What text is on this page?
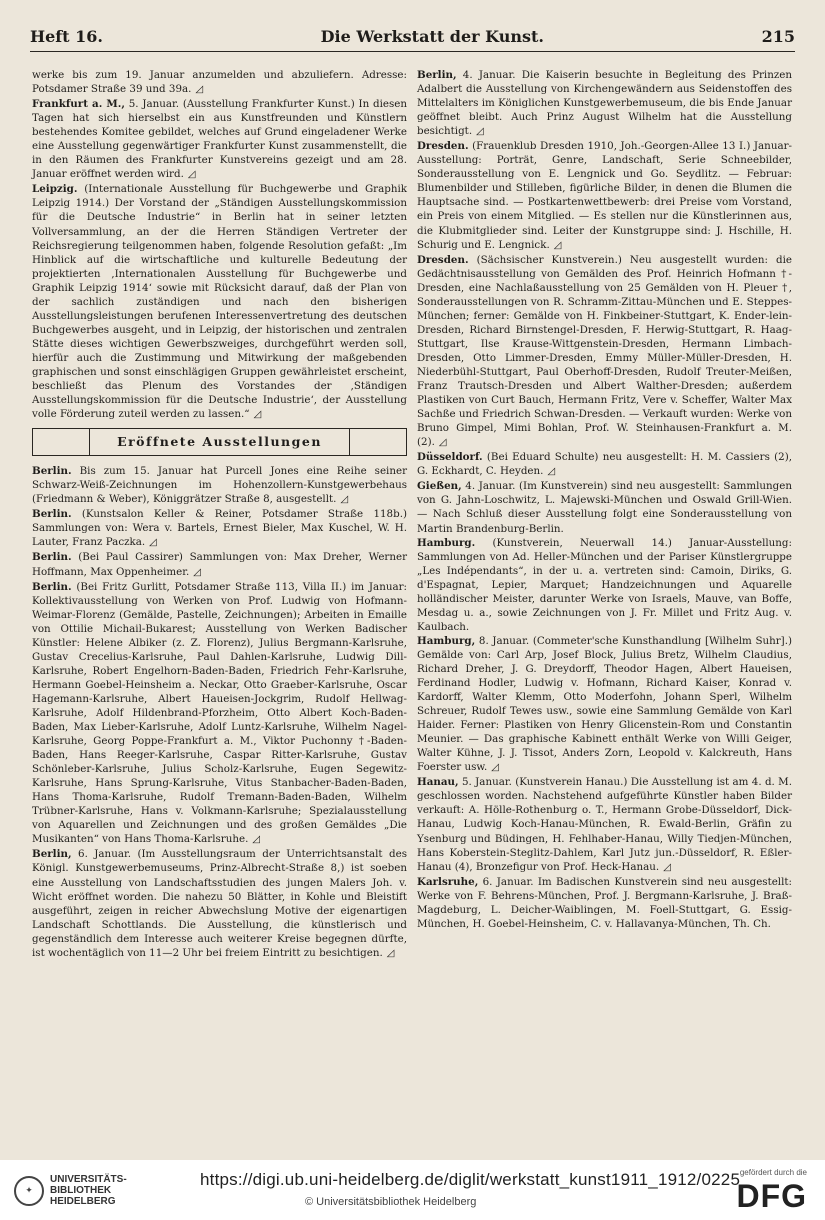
Heft 16.	Die Werkstatt der Kunst.	215

werke bis zum 19. Januar anzumelden und abzuliefern. Adresse: Potsdamer Straße 39 und 39a. ◿

Frankfurt a. M., 5. Januar. (Ausstellung Frankfurter Kunst.) In diesen Tagen hat sich hierselbst ein aus Kunstfreunden und Künstlern bestehendes Komitee gebildet, welches auf Grund eingeladener Werke eine Ausstellung gegenwärtiger Frankfurter Kunst zusammenstellt, die in den Räumen des Frankfurter Kunstvereins gezeigt und am 28. Januar eröffnet werden wird. ◿

Leipzig. (Internationale Ausstellung für Buchgewerbe und Graphik Leipzig 1914.) Der Vorstand der „Ständigen Ausstellungskommission für die Deutsche Industrie“ in Berlin hat in seiner letzten Vollversammlung, an der die Herren Ständigen Vertreter der Reichsregierung teilgenommen haben, folgende Resolution gefaßt: „Im Hinblick auf die wirtschaftliche und kulturelle Bedeutung der projektierten ‚Internationalen Ausstellung für Buchgewerbe und Graphik Leipzig 1914‘ sowie mit Rücksicht darauf, daß der Plan von der sachlich zuständigen und nach den bisherigen Ausstellungsleistungen berufenen Interessenvertretung des deutschen Buchgewerbes ausgeht, und in Leipzig, der historischen und zentralen Stätte dieses wichtigen Gewerbszweiges, durchgeführt werden soll, hierfür auch die Zustimmung und Mitwirkung der maßgebenden graphischen und sonst einschlägigen Gruppen gewährleistet erscheint, beschließt das Plenum des Vorstandes der ‚Ständigen Ausstellungskommission für die Deutsche Industrie‘, der Ausstellung volle Förderung zuteil werden zu lassen.“ ◿

Eröffnete Ausstellungen

Berlin. Bis zum 15. Januar hat Purcell Jones eine Reihe seiner Schwarz-Weiß-Zeichnungen im Hohenzollern-Kunstgewerbehaus (Friedmann & Weber), Königgrätzer Straße 8, ausgestellt. ◿

Berlin. (Kunstsalon Keller & Reiner, Potsdamer Straße 118b.) Sammlungen von: Wera v. Bartels, Ernest Bieler, Max Kuschel, W. H. Lauter, Franz Paczka. ◿

Berlin. (Bei Paul Cassirer) Sammlungen von: Max Dreher, Werner Hoffmann, Max Oppenheimer. ◿

Berlin. (Bei Fritz Gurlitt, Potsdamer Straße 113, Villa II.) im Januar: Kollektivausstellung von Werken von Prof. Ludwig von Hofmann-Weimar-Florenz (Gemälde, Pastelle, Zeichnungen); Arbeiten in Emaille von Ottilie Michail-Bukarest; Ausstellung von Werken Badischer Künstler: Helene Albiker (z. Z. Florenz), Julius Bergmann-Karlsruhe, Gustav Crecelius-Karlsruhe, Paul Dahlen-Karlsruhe, Ludwig Dill-Karlsruhe, Robert Engelhorn-Baden-Baden, Friedrich Fehr-Karlsruhe, Hermann Goebel-Heinsheim a. Neckar, Otto Graeber-Karlsruhe, Oscar Hagemann-Karlsruhe, Albert Haueisen-Jockgrim, Rudolf Hellwag-Karlsruhe, Adolf Hildenbrand-Pforzheim, Otto Albert Koch-Baden-Baden, Max Lieber-Karlsruhe, Adolf Luntz-Karlsruhe, Wilhelm Nagel-Karlsruhe, Georg Poppe-Frankfurt a. M., Viktor Puchonny †-Baden-Baden, Hans Reeger-Karlsruhe, Caspar Ritter-Karlsruhe, Gustav Schönleber-Karlsruhe, Julius Scholz-Karlsruhe, Eugen Segewitz-Karlsruhe, Hans Sprung-Karlsruhe, Vitus Stanbacher-Baden-Baden, Hans Thoma-Karlsruhe, Rudolf Tremann-Baden-Baden, Wilhelm Trübner-Karlsruhe, Hans v. Volkmann-Karlsruhe; Spezialausstellung von Aquarellen und Zeichnungen und des großen Gemäldes „Die Musikanten“ von Hans Thoma-Karlsruhe. ◿

Berlin, 6. Januar. (Im Ausstellungsraum der Unterrichtsanstalt des Königl. Kunstgewerbemuseums, Prinz-Albrecht-Straße 8,) ist soeben eine Ausstellung von Landschaftsstudien des jungen Malers Joh. v. Wicht eröffnet worden. Die nahezu 50 Blätter, in Kohle und Bleistift ausgeführt, zeigen in reicher Abwechslung Motive der eigenartigen Landschaft Schottlands. Die Ausstellung, die künstlerisch und gegenständlich dem Interesse auch weiterer Kreise begegnen dürfte, ist wochentäglich von 11—2 Uhr bei freiem Eintritt zu besichtigen. ◿

Berlin, 4. Januar. Die Kaiserin besuchte in Begleitung des Prinzen Adalbert die Ausstellung von Kirchengewändern aus Seidenstoffen des Mittelalters im Königlichen Kunstgewerbemuseum, die bis Ende Januar geöffnet bleibt. Auch Prinz August Wilhelm hat die Ausstellung besichtigt. ◿

Dresden. (Frauenklub Dresden 1910, Joh.-Georgen-Allee 13 I.) Januar-Ausstellung: Porträt, Genre, Landschaft, Serie Schneebilder, Sonderausstellung von E. Lengnick und Go. Seydlitz. — Februar: Blumenbilder und Stilleben, figürliche Bilder, in denen die Blumen die Hauptsache sind. — Postkartenwettbewerb: drei Preise vom Vorstand, ein Preis von einem Mitglied. — Es stellen nur die Künstlerinnen aus, die Klubmitglieder sind. Leiter der Kunstgruppe sind: J. Hschille, H. Schurig und E. Lengnick. ◿

Dresden. (Sächsischer Kunstverein.) Neu ausgestellt wurden: die Gedächtnisausstellung von Gemälden des Prof. Heinrich Hofmann †-Dresden, eine Nachlaßausstellung von 25 Gemälden von H. Pleuer †, Sonderausstellungen von R. Schramm-Zittau-München und E. Steppes-München; ferner: Gemälde von H. Finkbeiner-Stuttgart, K. Ender-lein-Dresden, Richard Birnstengel-Dresden, F. Herwig-Stuttgart, R. Haag-Stuttgart, Ilse Krause-Wittgenstein-Dresden, Hermann Limbach-Dresden, Otto Limmer-Dresden, Emmy Müller-Müller-Dresden, H. Niederbühl-Stuttgart, Paul Oberhoff-Dresden, Rudolf Treuter-Meißen, Franz Trautsch-Dresden und Albert Walther-Dresden; außerdem Plastiken von Curt Bauch, Hermann Fritz, Vere v. Scheffer, Walter Max Sachße und Friedrich Schwan-Dresden. — Verkauft wurden: Werke von Bruno Gimpel, Mimi Bohlan, Prof. W. Steinhausen-Frankfurt a. M. (2). ◿

Düsseldorf. (Bei Eduard Schulte) neu ausgestellt: H. M. Cassiers (2), G. Eckhardt, C. Heyden. ◿

Gießen, 4. Januar. (Im Kunstverein) sind neu ausgestellt: Sammlungen von G. Jahn-Loschwitz, L. Majewski-München und Oswald Grill-Wien. — Nach Schluß dieser Ausstellung folgt eine Sonderausstellung von Martin Brandenburg-Berlin.

Hamburg. (Kunstverein, Neuerwall 14.) Januar-Ausstellung: Sammlungen von Ad. Heller-München und der Pariser Künstlergruppe „Les Indépendants“, in der u. a. vertreten sind: Camoin, Diriks, G. d'Espagnat, Lepier, Marquet; Handzeichnungen und Aquarelle holländischer Meister, darunter Werke von Israels, Mauve, van Boffe, Mesdag u. a., sowie Zeichnungen von J. Fr. Millet und Fritz Aug. v. Kaulbach.

Hamburg, 8. Januar. (Commeter'sche Kunsthandlung [Wilhelm Suhr].) Gemälde von: Carl Arp, Josef Block, Julius Bretz, Wilhelm Claudius, Richard Dreher, J. G. Dreydorff, Theodor Hagen, Albert Haueisen, Ferdinand Hodler, Ludwig v. Hofmann, Richard Kaiser, Konrad v. Kardorff, Walter Klemm, Otto Moderfohn, Johann Sperl, Wilhelm Schreuer, Rudolf Tewes usw., sowie eine Sammlung Gemälde von Karl Haider. Ferner: Plastiken von Henry Glicenstein-Rom und Constantin Meunier. — Das graphische Kabinett enthält Werke von Willi Geiger, Walter Kühne, J. J. Tissot, Anders Zorn, Leopold v. Kalckreuth, Hans Foerster usw. ◿

Hanau, 5. Januar. (Kunstverein Hanau.) Die Ausstellung ist am 4. d. M. geschlossen worden. Nachstehend aufgeführte Künstler haben Bilder verkauft: A. Hölle-Rothenburg o. T., Hermann Grobe-Düsseldorf, Dick-Hanau, Ludwig Koch-Hanau-München, R. Ewald-Berlin, Gräfin zu Ysenburg und Büdingen, H. Fehlhaber-Hanau, Willy Tiedjen-München, Hans Koberstein-Steglitz-Dahlem, Karl Jutz jun.-Düsseldorf, R. Eßler-Hanau (4), Bronzefigur von Prof. Heck-Hanau. ◿

Karlsruhe, 6. Januar. Im Badischen Kunstverein sind neu ausgestellt: Werke von F. Behrens-München, Prof. J. Bergmann-Karlsruhe, J. Braß-Magdeburg, L. Deicher-Waiblingen, M. Foell-Stuttgart, G. Essig-München, H. Goebel-Heinsheim, C. v. Hallavanya-München, Th. Ch.

✦
UNIVERSITÄTS-
BIBLIOTHEK
HEIDELBERG
https://digi.ub.uni-heidelberg.de/diglit/werkstatt_kunst1911_1912/0225
© Universitätsbibliothek Heidelberg
gefördert durch die
DFG
